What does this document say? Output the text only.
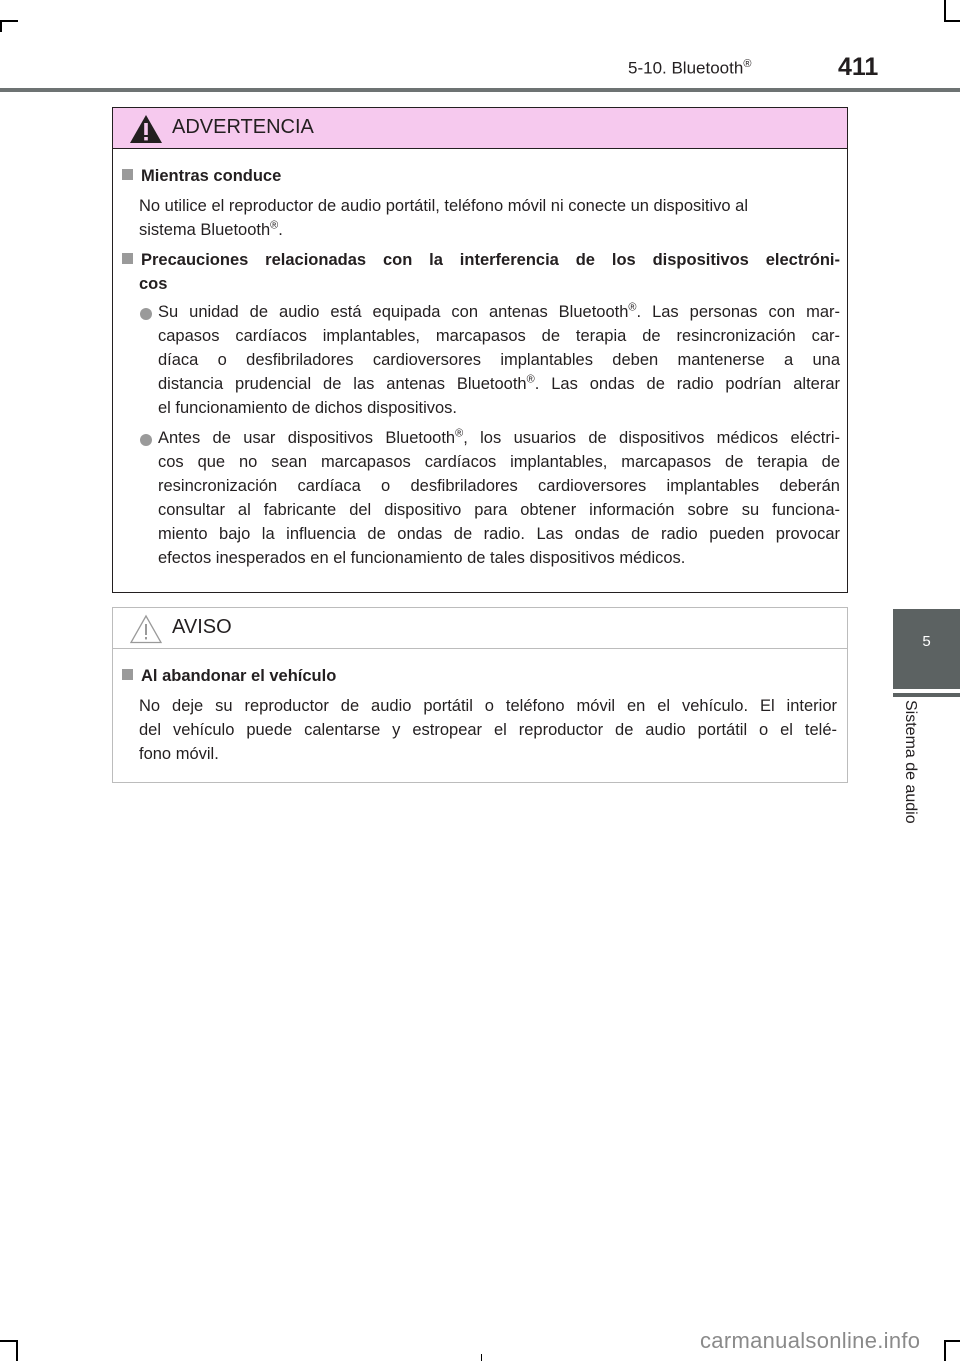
5-10. Bluetooth®	411
5
Sistema de audio
ADVERTENCIA
Mientras conduce
No utilice el reproductor de audio portátil, teléfono móvil ni conecte un dispositivo al
sistema Bluetooth®.
Precauciones relacionadas con la interferencia de los dispositivos electróni-
cos
Su unidad de audio está equipada con antenas Bluetooth®. Las personas con mar-
capasos cardíacos implantables, marcapasos de terapia de resincronización car-
díaca o desfibriladores cardioversores implantables deben mantenerse a una
distancia prudencial de las antenas Bluetooth®. Las ondas de radio podrían alterar
el funcionamiento de dichos dispositivos.
Antes de usar dispositivos Bluetooth®, los usuarios de dispositivos médicos eléctri-
cos que no sean marcapasos cardíacos implantables, marcapasos de terapia de
resincronización cardíaca o desfibriladores cardioversores implantables deberán
consultar al fabricante del dispositivo para obtener información sobre su funciona-
miento bajo la influencia de ondas de radio. Las ondas de radio pueden provocar
efectos inesperados en el funcionamiento de tales dispositivos médicos.
AVISO
Al abandonar el vehículo
No deje su reproductor de audio portátil o teléfono móvil en el vehículo. El interior
del vehículo puede calentarse y estropear el reproductor de audio portátil o el telé-
fono móvil.
carmanualsonline.info
